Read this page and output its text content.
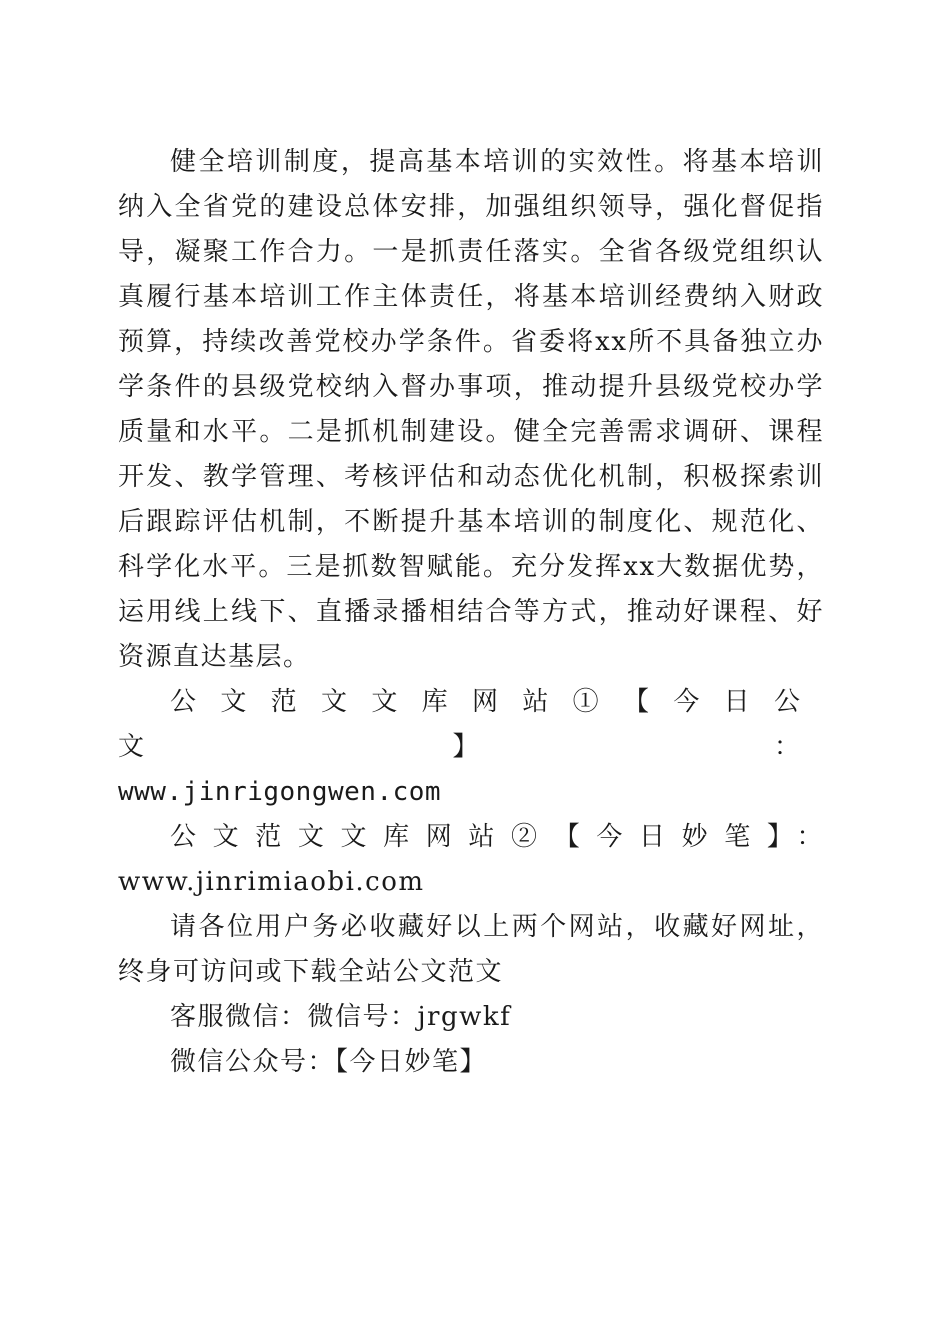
健全培训制度，提高基本培训的实效性。将基本培训纳入全省党的建设总体安排，加强组织领导，强化督促指导，凝聚工作合力。一是抓责任落实。全省各级党组织认真履行基本培训工作主体责任，将基本培训经费纳入财政预算，持续改善党校办学条件。省委将xx所不具备独立办学条件的县级党校纳入督办事项，推动提升县级党校办学质量和水平。二是抓机制建设。健全完善需求调研、课程开发、教学管理、考核评估和动态优化机制，积极探索训后跟踪评估机制，不断提升基本培训的制度化、规范化、科学化水平。三是抓数智赋能。充分发挥xx大数据优势，运用线上线下、直播录播相结合等方式，推动好课程、好资源直达基层。

公文范文文库网站①【今日公文】：

www.jinrigongwen.com

公文范文文库网站②【今日妙笔】：www.jinrimiaobi.com

请各位用户务必收藏好以上两个网站，收藏好网址，终身可访问或下载全站公文范文

客服微信：微信号：jrgwkf

微信公众号：【今日妙笔】
